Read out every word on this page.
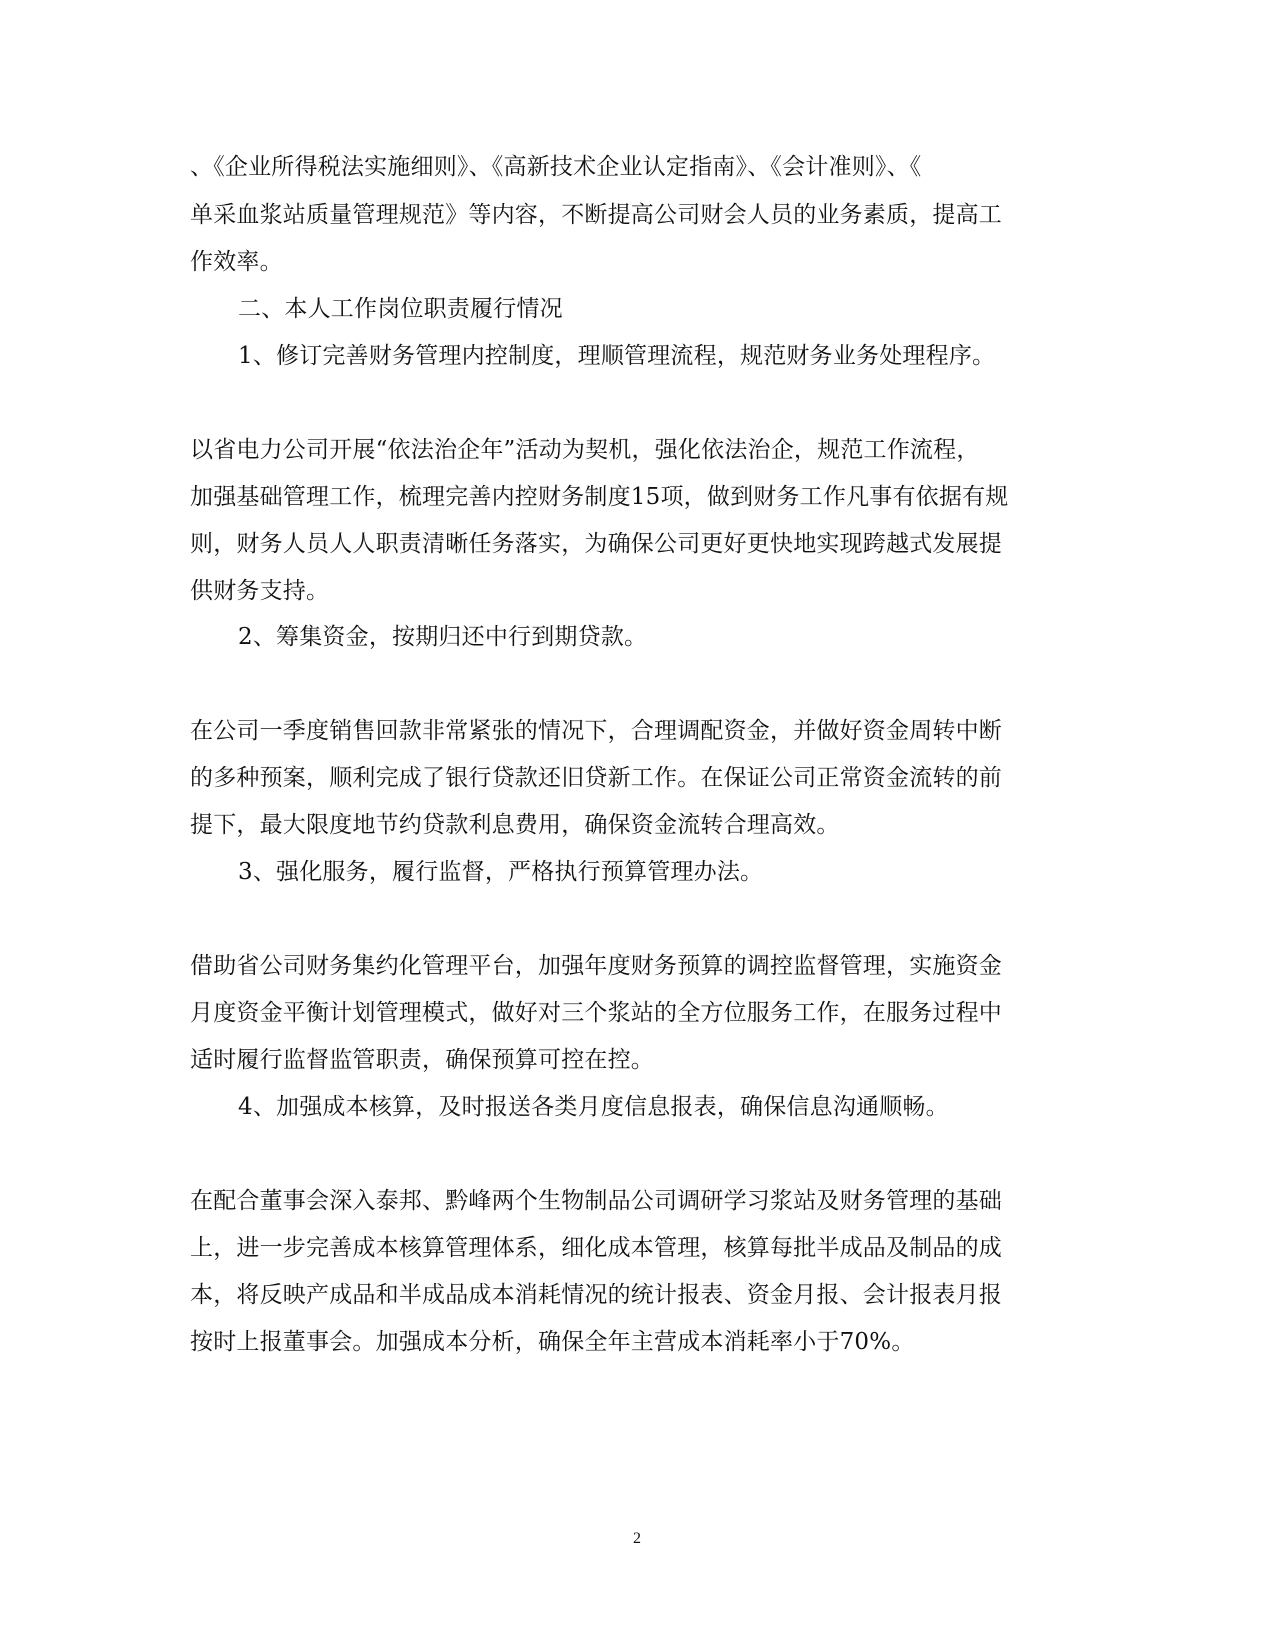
、《企业所得税法实施细则》、《高新技术企业认定指南》、《会计准则》、《
单采血浆站质量管理规范》等内容，不断提高公司财会人员的业务素质，提高工
作效率。
二、本人工作岗位职责履行情况
1、修订完善财务管理内控制度，理顺管理流程，规范财务业务处理程序。
以省电力公司开展“依法治企年”活动为契机，强化依法治企，规范工作流程，
加强基础管理工作，梳理完善内控财务制度15项，做到财务工作凡事有依据有规
则，财务人员人人职责清晰任务落实，为确保公司更好更快地实现跨越式发展提
供财务支持。
2、筹集资金，按期归还中行到期贷款。
在公司一季度销售回款非常紧张的情况下，合理调配资金，并做好资金周转中断
的多种预案，顺利完成了银行贷款还旧贷新工作。在保证公司正常资金流转的前
提下，最大限度地节约贷款利息费用，确保资金流转合理高效。
3、强化服务，履行监督，严格执行预算管理办法。
借助省公司财务集约化管理平台，加强年度财务预算的调控监督管理，实施资金
月度资金平衡计划管理模式，做好对三个浆站的全方位服务工作，在服务过程中
适时履行监督监管职责，确保预算可控在控。
4、加强成本核算，及时报送各类月度信息报表，确保信息沟通顺畅。
在配合董事会深入泰邦、黔峰两个生物制品公司调研学习浆站及财务管理的基础
上，进一步完善成本核算管理体系，细化成本管理，核算每批半成品及制品的成
本，将反映产成品和半成品成本消耗情况的统计报表、资金月报、会计报表月报
按时上报董事会。加强成本分析，确保全年主营成本消耗率小于70%。
2
